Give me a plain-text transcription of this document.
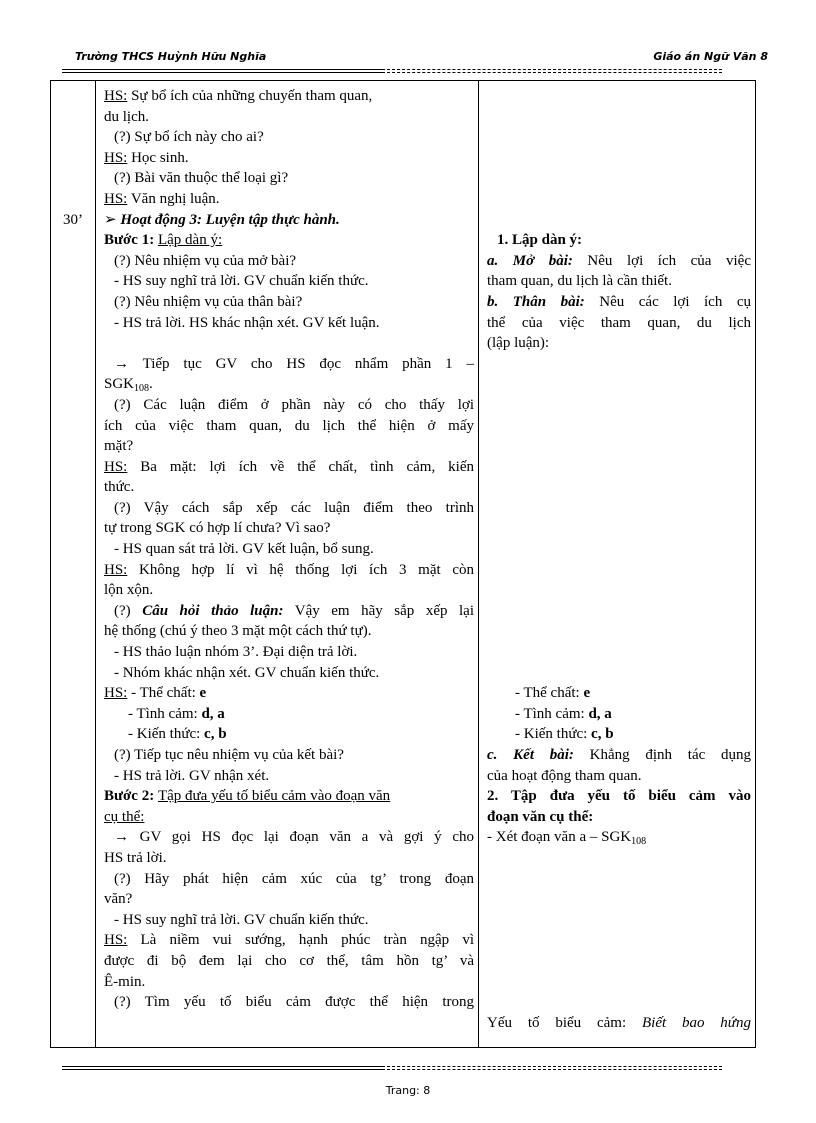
Trường THCS Huỳnh Hữu Nghĩa	Giáo án Ngữ Văn 8
30’
HS: Sự bổ ích của những chuyến tham quan,
du lịch.
(?) Sự bổ ích này cho ai?
HS: Học sinh.
(?) Bài văn thuộc thể loại gì?
HS: Văn nghị luận.
➢ Hoạt động 3: Luyện tập thực hành.
Bước 1: Lập dàn ý:
(?) Nêu nhiệm vụ của mở bài?
- HS suy nghĩ trả lời. GV chuẩn kiến thức.
(?) Nêu nhiệm vụ của thân bài?
- HS trả lời. HS khác nhận xét. GV kết luận.
→ Tiếp tục GV cho HS đọc nhẩm phần 1 –
$SGK_{108}$.
(?) Các luận điểm ở phần này có cho thấy lợi
ích của việc tham quan, du lịch thể hiện ở mấy
mặt?
HS: Ba mặt: lợi ích về thể chất, tình cảm, kiến
thức.
(?) Vậy cách sắp xếp các luận điểm theo trình
tự trong SGK có hợp lí chưa? Vì sao?
- HS quan sát trả lời. GV kết luận, bổ sung.
HS: Không hợp lí vì hệ thống lợi ích 3 mặt còn
lộn xộn.
(?) Câu hỏi thảo luận: Vậy em hãy sắp xếp lại
hệ thống (chú ý theo 3 mặt một cách thứ tự).
- HS thảo luận nhóm 3’. Đại diện trả lời.
- Nhóm khác nhận xét. GV chuẩn kiến thức.
HS: - Thể chất: e
- Tình cảm: d, a
- Kiến thức: c, b
(?) Tiếp tục nêu nhiệm vụ của kết bài?
- HS trả lời. GV nhận xét.
Bước 2: Tập đưa yếu tố biểu cảm vào đoạn văn
cụ thể:
→ GV gọi HS đọc lại đoạn văn a và gợi ý cho
HS trả lời.
(?) Hãy phát hiện cảm xúc của tg’ trong đoạn
văn?
- HS suy nghĩ trả lời. GV chuẩn kiến thức.
HS: Là niềm vui sướng, hạnh phúc tràn ngập vì
được đi bộ đem lại cho cơ thể, tâm hồn tg’ và
Ê-min.
(?) Tìm yếu tố biểu cảm được thể hiện trong
1. Lập dàn ý:
a. Mở bài: Nêu lợi ích của việc
tham quan, du lịch là cần thiết.
b. Thân bài: Nêu các lợi ích cụ
thể của việc tham quan, du lịch
(lập luận):
- Thể chất: e
- Tình cảm: d, a
- Kiến thức: c, b
c. Kết bài: Khẳng định tác dụng
của hoạt động tham quan.
2. Tập đưa yếu tố biểu cảm vào
đoạn văn cụ thể:
- Xét đoạn văn a – $SGK_{108}$
Yếu tố biểu cảm: Biết bao hứng
Trang: 8
